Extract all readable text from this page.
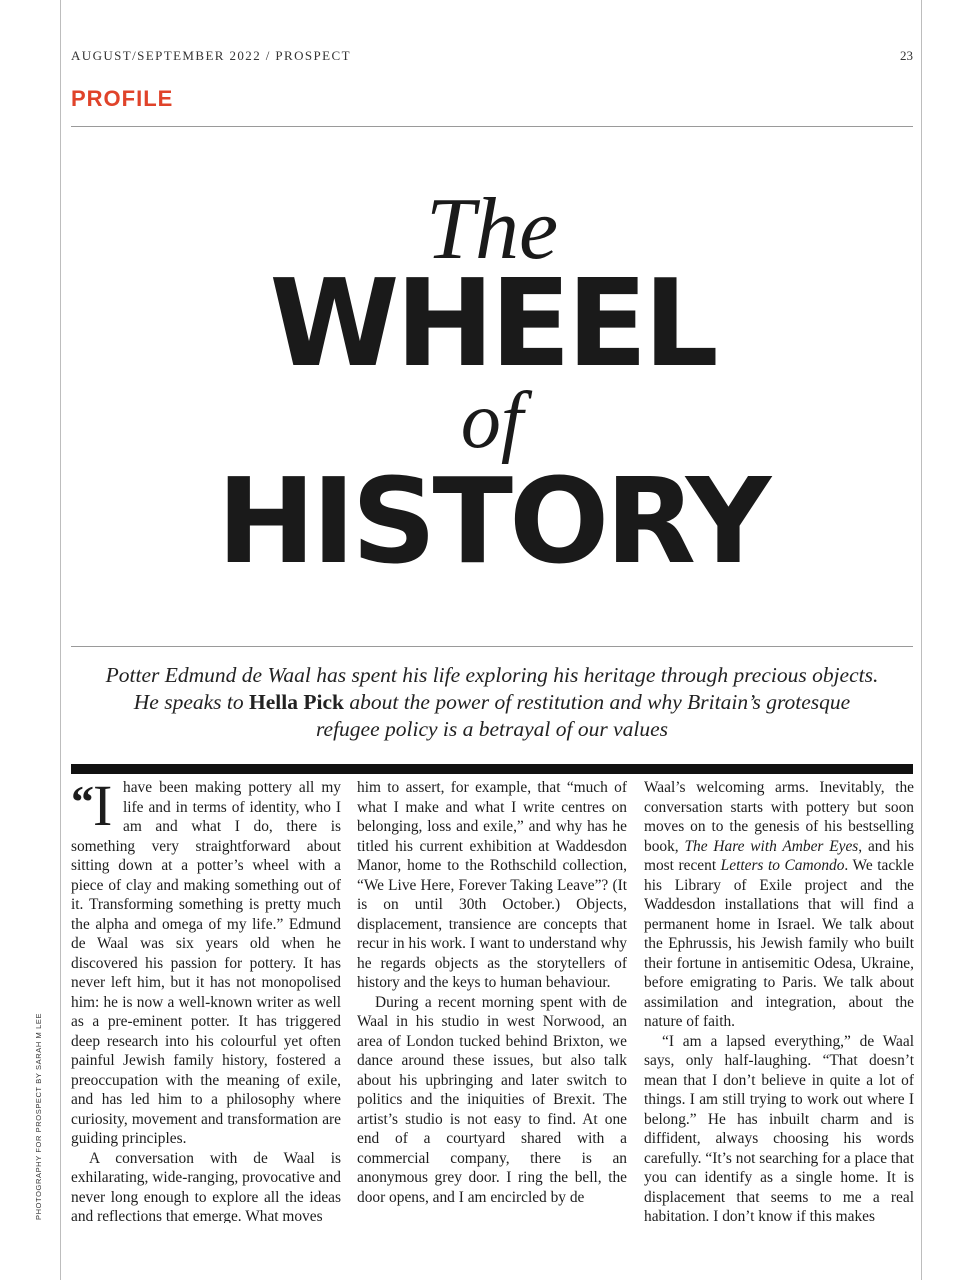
AUGUST/SEPTEMBER 2022 / PROSPECT	23
PROFILE
The
WHEEL
of
HISTORY
Potter Edmund de Waal has spent his life exploring his heritage through precious objects. He speaks to Hella Pick about the power of restitution and why Britain’s grotesque refugee policy is a betrayal of our values
“ I have been making pottery all my life and in terms of identity, who I am and what I do, there is something very straightforward about sitting down at a potter’s wheel with a piece of clay and making something out of it. Transforming something is pretty much the alpha and omega of my life.” Edmund de Waal was six years old when he discovered his passion for pottery. It has never left him, but it has not monopolised him: he is now a well-known writer as well as a pre-eminent potter. It has triggered deep research into his colourful yet often painful Jewish family history, fostered a preoccupation with the meaning of exile, and has led him to a philosophy where curiosity, movement and transformation are guiding principles.

A conversation with de Waal is exhilarating, wide-ranging, provocative and never long enough to explore all the ideas and reflections that emerge. What moves

him to assert, for example, that “much of what I make and what I write centres on belonging, loss and exile,” and why has he titled his current exhibition at Waddesdon Manor, home to the Rothschild collection, “We Live Here, Forever Taking Leave”? (It is on until 30th October.) Objects, displacement, transience are concepts that recur in his work. I want to understand why he regards objects as the storytellers of history and the keys to human behaviour.

During a recent morning spent with de Waal in his studio in west Norwood, an area of London tucked behind Brixton, we dance around these issues, but also talk about his upbringing and later switch to politics and the iniquities of Brexit. The artist’s studio is not easy to find. At one end of a courtyard shared with a commercial company, there is an anonymous grey door. I ring the bell, the door opens, and I am encircled by de

Waal’s welcoming arms. Inevitably, the conversation starts with pottery but soon moves on to the genesis of his bestselling book, The Hare with Amber Eyes, and his most recent Letters to Camondo. We tackle his Library of Exile project and the Waddesdon installations that will find a permanent home in Israel. We talk about the Ephrussis, his Jewish family who built their fortune in antisemitic Odesa, Ukraine, before emigrating to Paris. We talk about assimilation and integration, about the nature of faith.

“I am a lapsed everything,” de Waal says, only half-laughing. “That doesn’t mean that I don’t believe in quite a lot of things. I am still trying to work out where I belong.” He has inbuilt charm and is diffident, always choosing his words carefully. “It’s not searching for a place that you can identify as a single home. It is displacement that seems to me a real habitation. I don’t know if this makes

PHOTOGRAPHY FOR PROSPECT BY SARAH M LEE
